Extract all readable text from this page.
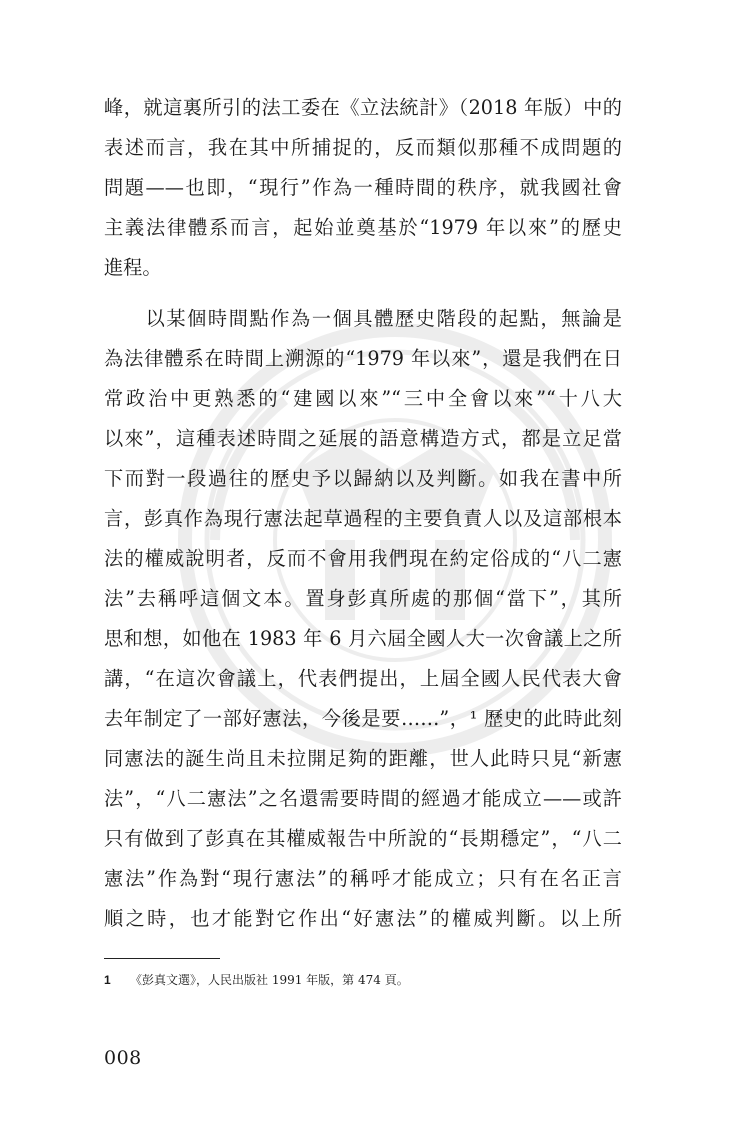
峰，就這裏所引的法工委在《立法統計》（2018 年版）中的
表述而言，我在其中所捕捉的，反而類似那種不成問題的
問題——也即，“現行”作為一種時間的秩序，就我國社會
主義法律體系而言，起始並奠基於“1979 年以來”的歷史
進程。
　　以某個時間點作為一個具體歷史階段的起點，無論是
為法律體系在時間上溯源的“1979 年以來”，還是我們在日
常政治中更熟悉的“建國以來”“三中全會以來”“十八大
以來”，這種表述時間之延展的語意構造方式，都是立足當
下而對一段過往的歷史予以歸納以及判斷。如我在書中所
言，彭真作為現行憲法起草過程的主要負責人以及這部根本
法的權威說明者，反而不會用我們現在約定俗成的“八二憲
法”去稱呼這個文本。置身彭真所處的那個“當下”，其所
思和想，如他在 1983 年 6 月六屆全國人大一次會議上之所
講，“在這次會議上，代表們提出，上屆全國人民代表大會
去年制定了一部好憲法，今後是要……”，¹ 歷史的此時此刻
同憲法的誕生尚且未拉開足夠的距離，世人此時只見“新憲
法”，“八二憲法”之名還需要時間的經過才能成立——或許
只有做到了彭真在其權威報告中所說的“長期穩定”，“八二
憲法”作為對“現行憲法”的稱呼才能成立；只有在名正言
順之時，也才能對它作出“好憲法”的權威判斷。以上所
1 《彭真文選》，人民出版社 1991 年版，第 474 頁。
008
